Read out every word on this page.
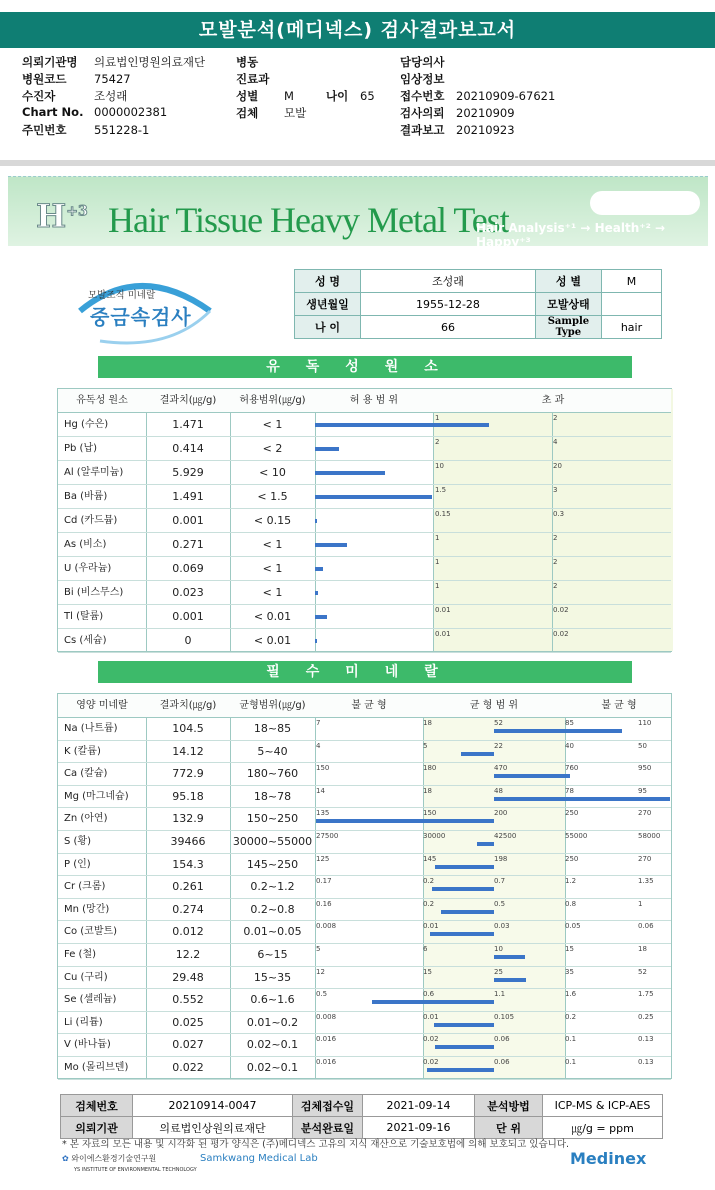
모발분석(메디넥스) 검사결과보고서
의뢰기관명 의료법인명원의료재단
병원코드 75427
수진자	조성래
Chart No. 0000002381
주민번호 551228-1
병동
진료과
성별 M
검체 모발
나이 65
담당의사
임상정보
접수번호 20210909-67621
검사의뢰 20210909
결과보고 20210923
$H^{+3}$ Hair Tissue Heavy Metal Test
Hair Analysis⁺¹ → Health⁺² → Happy⁺³
모발조직 미네랄
중금속검사
성 명	조성래	성 별	M
생년월일	1955-12-28	모발상태	
나 이	66	Sample Type	hair
유독성원소
유독성 원소	결과치(㎍/g)	허용범위(㎍/g)	허 용 범 위	초 과
Hg (수은)	1.471	< 1	1	2
Pb (납)	0.414	< 2	2	4
Al (알루미늄)	5.929	< 10	10	20
Ba (바륨)	1.491	< 1.5	1.5	3
Cd (카드뮴)	0.001	< 0.15	0.15	0.3
As (비소)	0.271	< 1	1	2
U (우라늄)	0.069	< 1	1	2
Bi (비스무스)	0.023	< 1	1	2
Tl (탈륨)	0.001	< 0.01	0.01	0.02
Cs (세슘)	0	< 0.01	0.01	0.02
필수미네랄
영양 미네랄	결과치(㎍/g)	균형범위(㎍/g)	불 균 형	균 형 범 위	불 균 형
Na (나트륨)	104.5	18~85	7	18	52	85	110
K (칼륨)	14.12	5~40	4	5	22	40	50
Ca (칼슘)	772.9	180~760	150	180	470	760	950
Mg (마그네슘)	95.18	18~78	14	18	48	78	95
Zn (아연)	132.9	150~250	135	150	200	250	270
S (황)	39466	30000~55000 27500	30000	42500	55000	58000
P (인)	154.3	145~250	125	145	198	250	270
Cr (크롬)	0.261	0.2~1.2	0.17	0.2	0.7	1.2	1.35
Mn (망간)	0.274	0.2~0.8	0.16	0.2	0.5	0.8	1
Co (코발트)	0.012	0.01~0.05	0.008	0.01	0.03	0.05	0.06
Fe (철)	12.2	6~15	5	6	10	15	18
Cu (구리)	29.48	15~35	12	15	25	35	52
Se (셀레늄)	0.552	0.6~1.6	0.5	0.6	1.1	1.6	1.75
Li (리튬)	0.025	0.01~0.2	0.008	0.01	0.105	0.2	0.25
V (바나듐)	0.027	0.02~0.1	0.016	0.02	0.06	0.1	0.13
Mo (몰리브덴)	0.022	0.02~0.1	0.016	0.02	0.06	0.1	0.13
검체번호	20210914-0047	검체접수일	2021-09-14	분석방법	ICP-MS & ICP-AES
의뢰기관	의료법인상원의료재단	분석완료일	2021-09-16	단 위	㎍/g = ppm
* 본 자료의 모든 내용 및 시각화 된 평가 양식은 (주)메디넥스 고유의 지식 재산으로 기술보호법에 의해 보호되고 있습니다.
✿ 와이에스환경기술연구원
YS INSTITUTE OF ENVIRONMENTAL TECHNOLOGY
Samkwang Medical Lab	Medinex
